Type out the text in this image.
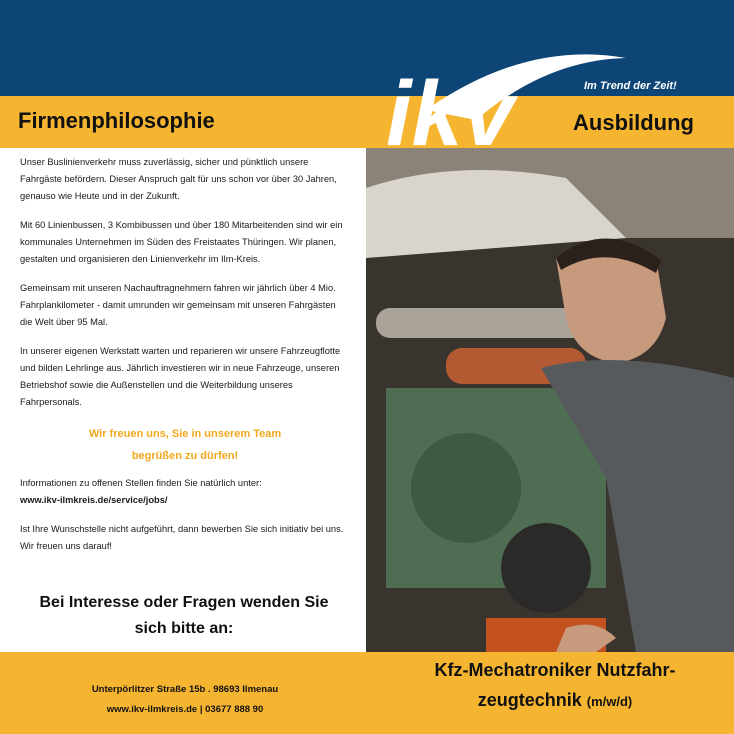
Firmenphilosophie	Ausbildung
ikv	Im Trend der Zeit!

Unser Buslinienverkehr muss zuverlässig, sicher und pünktlich unsere Fahrgäste befördern. Dieser Anspruch galt für uns schon vor über 30 Jahren, genauso wie Heute und in der Zukunft.

Mit 60 Linienbussen, 3 Kombibussen und über 180 Mitarbeitenden sind wir ein kommunales Unternehmen im Süden des Freistaates Thüringen. Wir planen, gestalten und organisieren den Linienverkehr im Ilm-Kreis.

Gemeinsam mit unseren Nachauftragnehmern fahren wir jährlich über 4 Mio. Fahrplankilometer - damit umrunden wir gemeinsam mit unseren Fahrgästen die Welt über 95 Mal.

In unserer eigenen Werkstatt warten und reparieren wir unsere Fahrzeugflotte und bilden Lehrlinge aus. Jährlich investieren wir in neue Fahrzeuge, unseren Betriebshof sowie die Außenstellen und die Weiterbildung unseres Fahrpersonals.

Wir freuen uns, Sie in unserem Team
begrüßen zu dürfen!

Informationen zu offenen Stellen finden Sie natürlich unter:
www.ikv-ilmkreis.de/service/jobs/

Ist Ihre Wunschstelle nicht aufgeführt, dann bewerben Sie sich initiativ bei uns. Wir freuen uns darauf!

Bei Interesse oder Fragen wenden Sie
sich bitte an:
Unterpörlitzer Straße 15b . 98693 Ilmenau
www.ikv-ilmkreis.de | 03677 888 90
Kfz-Mechatroniker Nutzfahr-
zeugtechnik (m/w/d)
